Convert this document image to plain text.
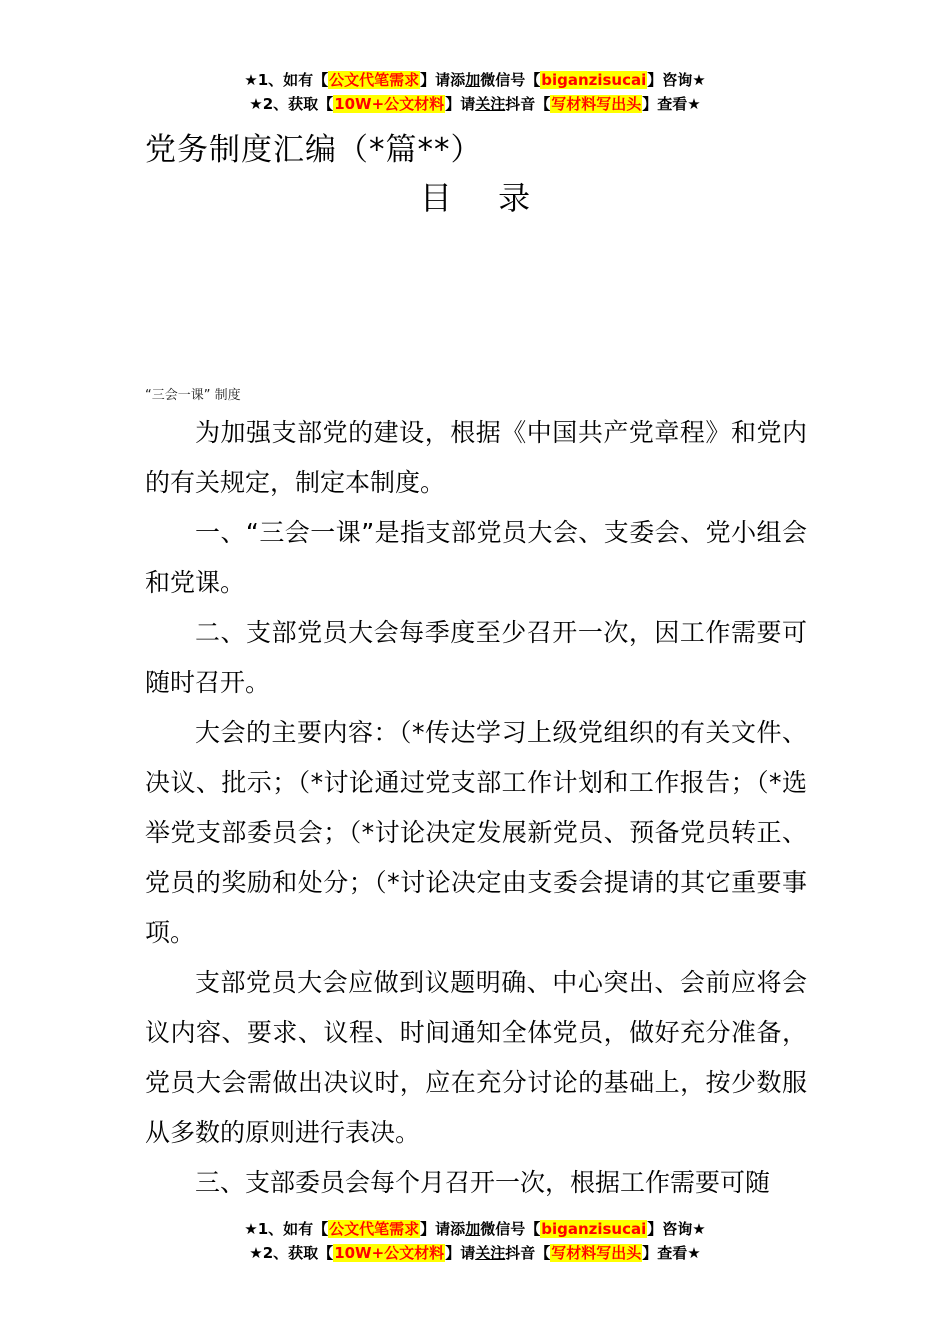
★1、如有【公文代笔需求】请添加微信号【biganzisucai】咨询★
★2、获取【10W+公文材料】请关注抖音【写材料写出头】查看★
党务制度汇编（*篇**）
目 录
“三会一课” 制度

为加强支部党的建设，根据《中国共产党章程》和党内的有关规定，制定本制度。

一、“三会一课”是指支部党员大会、支委会、党小组会和党课。

二、支部党员大会每季度至少召开一次，因工作需要可随时召开。

大会的主要内容：（*传达学习上级党组织的有关文件、决议、批示；（*讨论通过党支部工作计划和工作报告；（*选举党支部委员会；（*讨论决定发展新党员、预备党员转正、党员的奖励和处分；（*讨论决定由支委会提请的其它重要事项。

支部党员大会应做到议题明确、中心突出、会前应将会议内容、要求、议程、时间通知全体党员，做好充分准备，党员大会需做出决议时，应在充分讨论的基础上，按少数服从多数的原则进行表决。

三、支部委员会每个月召开一次，根据工作需要可随

★1、如有【公文代笔需求】请添加微信号【biganzisucai】咨询★
★2、获取【10W+公文材料】请关注抖音【写材料写出头】查看★
